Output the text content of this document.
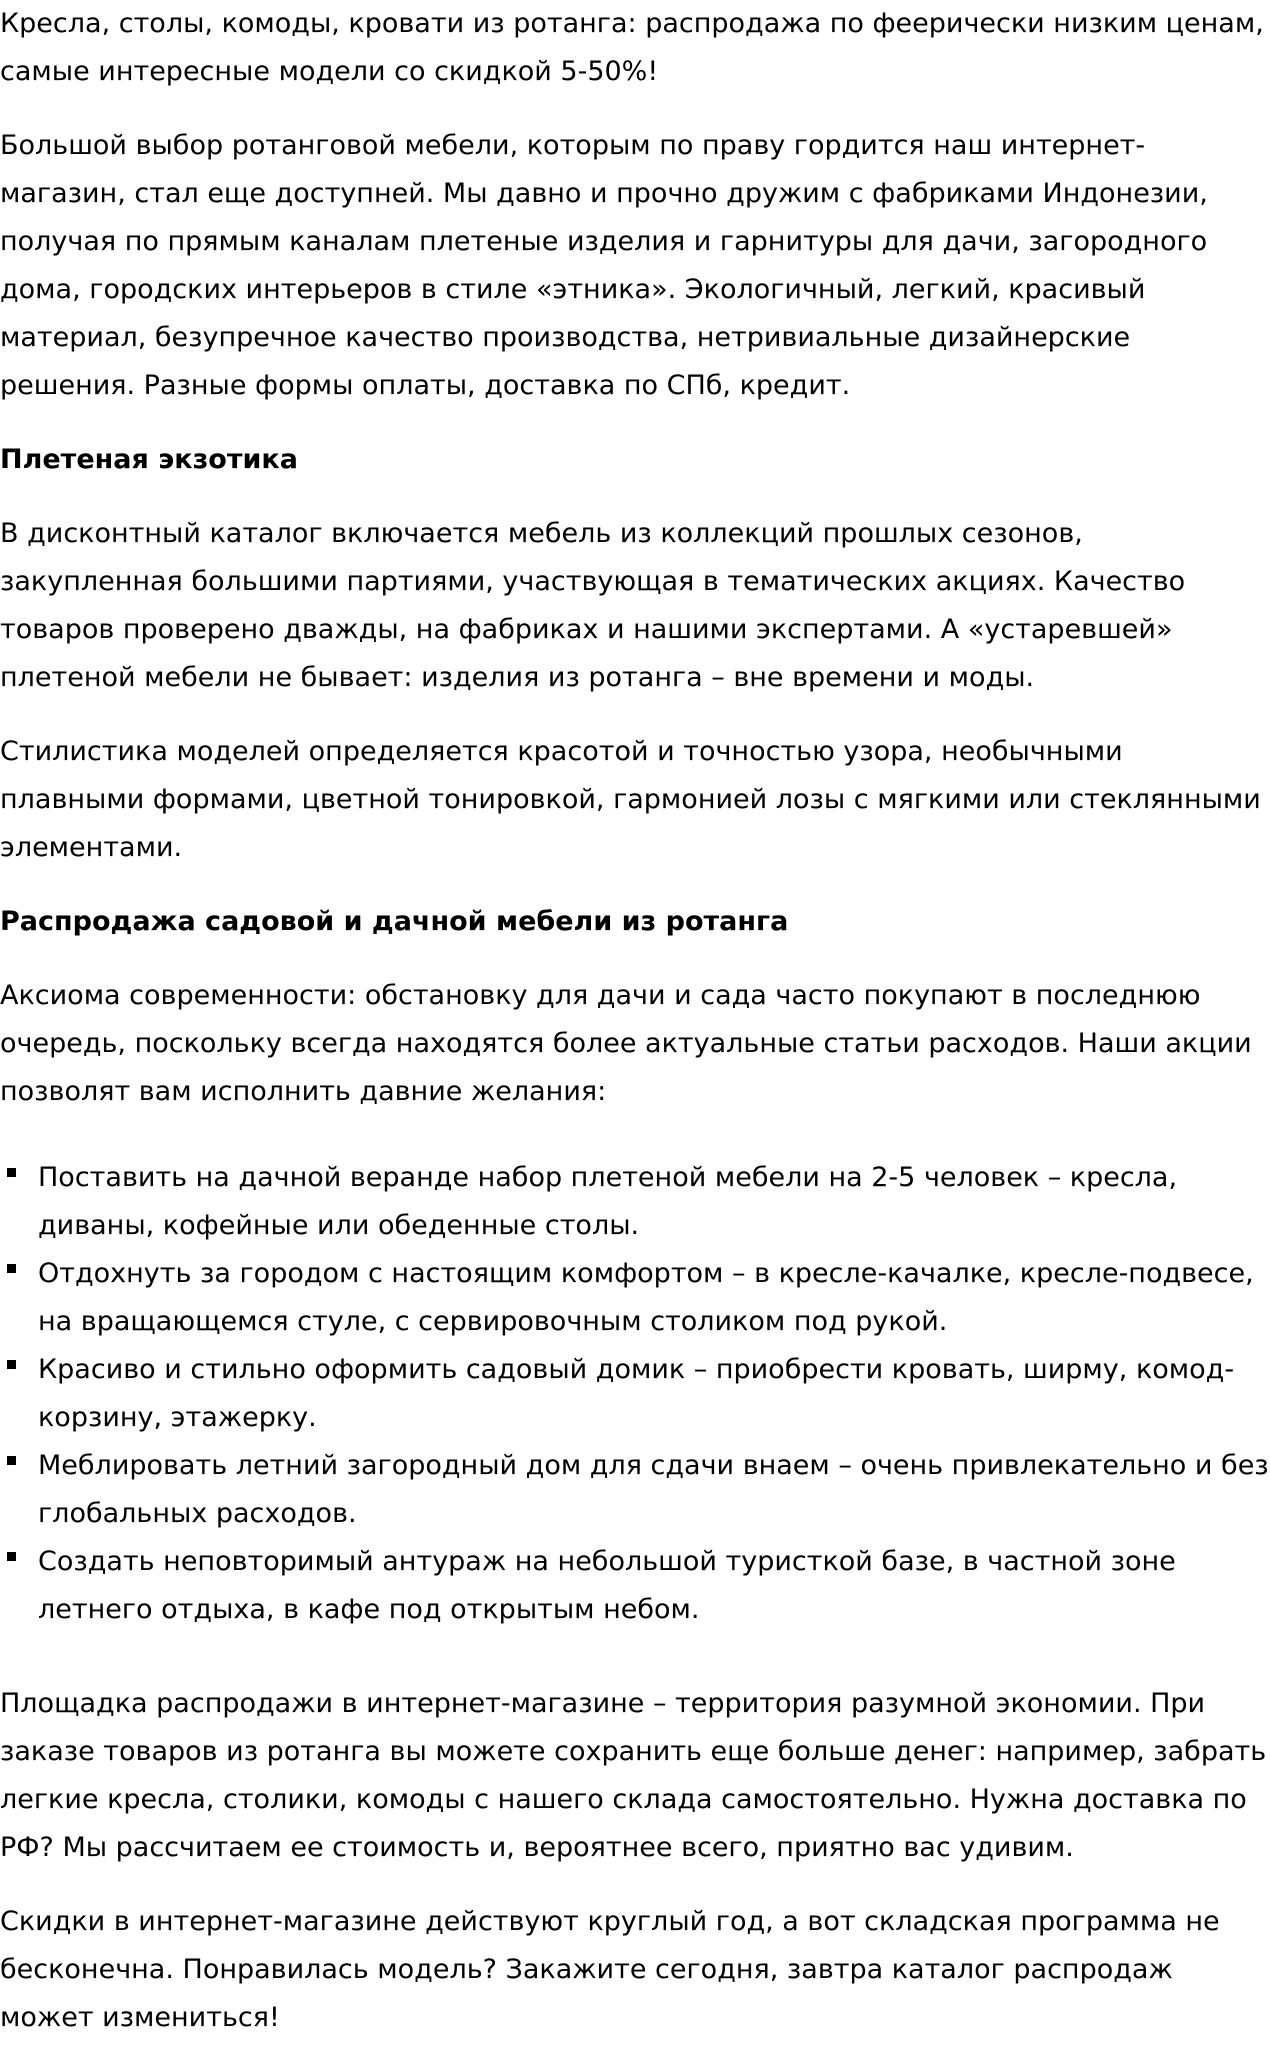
Кресла, столы, комоды, кровати из ротанга: распродажа по феерически низким ценам, самые интересные модели со скидкой 5-50%!

Большой выбор ротанговой мебели, которым по праву гордится наш интернет-магазин, стал еще доступней. Мы давно и прочно дружим с фабриками Индонезии, получая по прямым каналам плетеные изделия и гарнитуры для дачи, загородного дома, городских интерьеров в стиле «этника». Экологичный, легкий, красивый материал, безупречное качество производства, нетривиальные дизайнерские решения. Разные формы оплаты, доставка по СПб, кредит.

Плетеная экзотика

В дисконтный каталог включается мебель из коллекций прошлых сезонов, закупленная большими партиями, участвующая в тематических акциях. Качество товаров проверено дважды, на фабриках и нашими экспертами. А «устаревшей» плетеной мебели не бывает: изделия из ротанга – вне времени и моды.

Стилистика моделей определяется красотой и точностью узора, необычными плавными формами, цветной тонировкой, гармонией лозы с мягкими или стеклянными элементами.

Распродажа садовой и дачной мебели из ротанга

Аксиома современности: обстановку для дачи и сада часто покупают в последнюю очередь, поскольку всегда находятся более актуальные статьи расходов. Наши акции позволят вам исполнить давние желания:

Поставить на дачной веранде набор плетеной мебели на 2-5 человек – кресла, диваны, кофейные или обеденные столы.
Отдохнуть за городом с настоящим комфортом – в кресле-качалке, кресле-подвесе, на вращающемся стуле, с сервировочным столиком под рукой.
Красиво и стильно оформить садовый домик – приобрести кровать, ширму, комод-корзину, этажерку.
Меблировать летний загородный дом для сдачи внаем – очень привлекательно и без глобальных расходов.
Создать неповторимый антураж на небольшой туристкой базе, в частной зоне летнего отдыха, в кафе под открытым небом.

Площадка распродажи в интернет-магазине – территория разумной экономии. При заказе товаров из ротанга вы можете сохранить еще больше денег: например, забрать легкие кресла, столики, комоды с нашего склада самостоятельно. Нужна доставка по РФ? Мы рассчитаем ее стоимость и, вероятнее всего, приятно вас удивим.

Скидки в интернет-магазине действуют круглый год, а вот складская программа не бесконечна. Понравилась модель? Закажите сегодня, завтра каталог распродаж может измениться!
